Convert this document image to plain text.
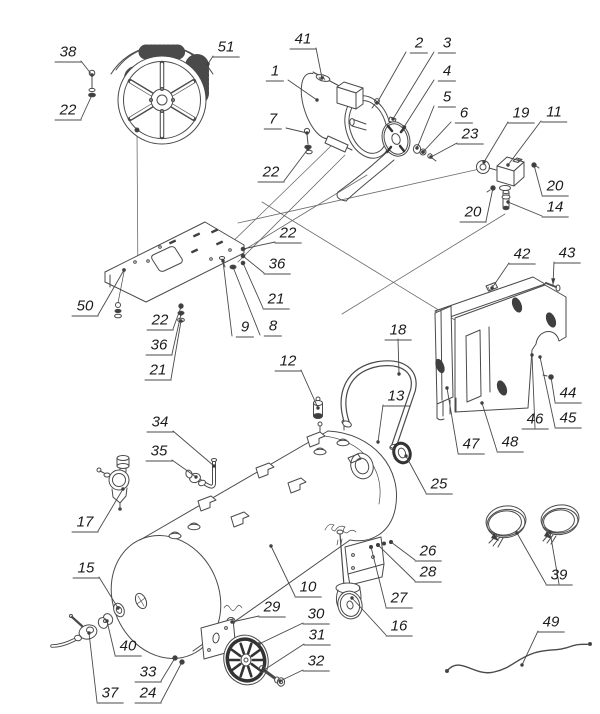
38
22
51	41
1
2	3
4
5
6
23
7
22
19	11
20
20	14
50
22
36
21
9	8
22
36
21
12
18
13
25
42	43
44
45
46
47	48
34
35
17
15
40
37
33
24
26
28
27
16
10
29	30
31
32
39
49
